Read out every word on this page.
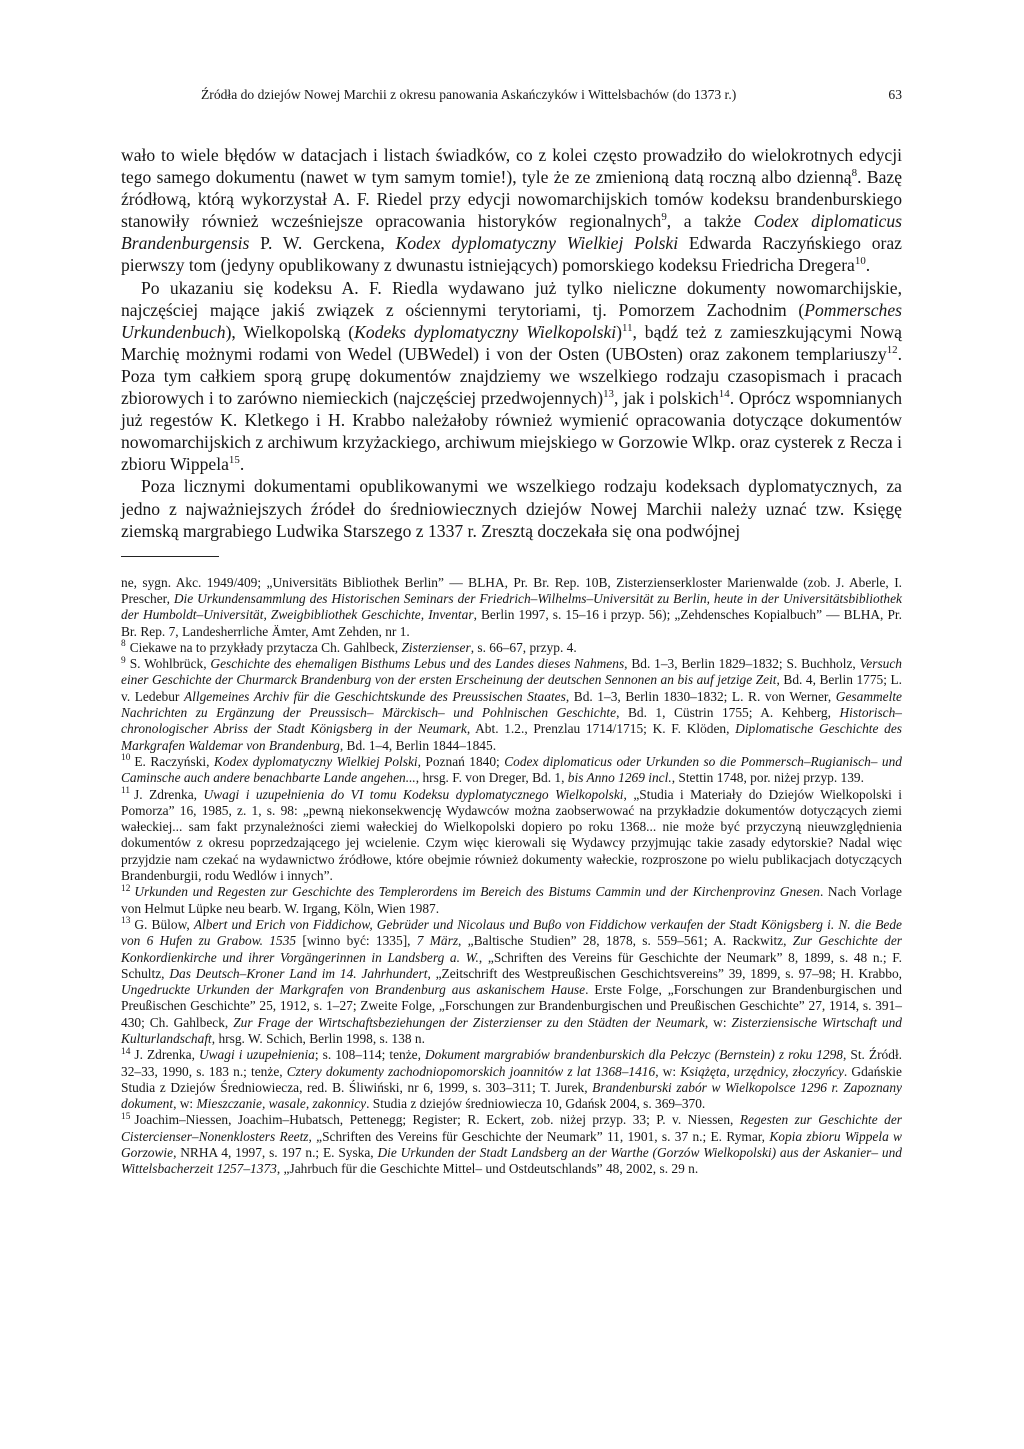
Źródła do dziejów Nowej Marchii z okresu panowania Askańczyków i Wittelsbachów (do 1373 r.)	63

wało to wiele błędów w datacjach i listach świadków, co z kolei często prowadziło do wielokrotnych edycji tego samego dokumentu (nawet w tym samym tomie!), tyle że ze zmienioną datą roczną albo dzienną$^8$. Bazę źródłową, którą wykorzystał A. F. Riedel przy edycji nowomarchijskich tomów kodeksu brandenburskiego stanowiły również wcześniejsze opracowania historyków regionalnych$^9$, a także Codex diplomaticus Brandenburgensis P. W. Gerckena, Kodex dyplomatyczny Wielkiej Polski Edwarda Raczyńskiego oraz pierwszy tom (jedyny opublikowany z dwunastu istniejących) pomorskiego kodeksu Friedricha Dregera$^{10}$.

Po ukazaniu się kodeksu A. F. Riedla wydawano już tylko nieliczne dokumenty nowomarchijskie, najczęściej mające jakiś związek z ościennymi terytoriami, tj. Pomorzem Zachodnim (Pommersches Urkundenbuch), Wielkopolską (Kodeks dyplomatyczny Wielkopolski)$^{11}$, bądź też z zamieszkującymi Nową Marchię możnymi rodami von Wedel (UBWedel) i von der Osten (UBOsten) oraz zakonem templariuszy$^{12}$. Poza tym całkiem sporą grupę dokumentów znajdziemy we wszelkiego rodzaju czasopismach i pracach zbiorowych i to zarówno niemieckich (najczęściej przedwojennych)$^{13}$, jak i polskich$^{14}$. Oprócz wspomnianych już regestów K. Kletkego i H. Krabbo należałoby również wymienić opracowania dotyczące dokumentów nowomarchijskich z archiwum krzyżackiego, archiwum miejskiego w Gorzowie Wlkp. oraz cysterek z Recza i zbioru Wippela$^{15}$.

Poza licznymi dokumentami opublikowanymi we wszelkiego rodzaju kodeksach dyplomatycznych, za jedno z najważniejszych źródeł do średniowiecznych dziejów Nowej Marchii należy uznać tzw. Księgę ziemską margrabiego Ludwika Starszego z 1337 r. Zresztą doczekała się ona podwójnej

ne, sygn. Akc. 1949/409; „Universitäts Bibliothek Berlin” — BLHA, Pr. Br. Rep. 10B, Zisterzienserkloster Marienwalde (zob. J. Aberle, I. Prescher, Die Urkundensammlung des Historischen Seminars der Friedrich–Wilhelms–Universität zu Berlin, heute in der Universitätsbibliothek der Humboldt–Universität, Zweigbibliothek Geschichte, Inventar, Berlin 1997, s. 15–16 i przyp. 56); „Zehdensches Kopialbuch” — BLHA, Pr. Br. Rep. 7, Landesherrliche Ämter, Amt Zehden, nr 1.

$^8$ Ciekawe na to przykłady przytacza Ch. Gahlbeck, Zisterzienser, s. 66–67, przyp. 4.

$^9$ S. Wohlbrück, Geschichte des ehemaligen Bisthums Lebus und des Landes dieses Nahmens, Bd. 1–3, Berlin 1829–1832; S. Buchholz, Versuch einer Geschichte der Churmarck Brandenburg von der ersten Erscheinung der deutschen Sennonen an bis auf jetzige Zeit, Bd. 4, Berlin 1775; L. v. Ledebur Allgemeines Archiv für die Geschichtskunde des Preussischen Staates, Bd. 1–3, Berlin 1830–1832; L. R. von Werner, Gesammelte Nachrichten zu Ergänzung der Preussisch– Märckisch– und Pohlnischen Geschichte, Bd. 1, Cüstrin 1755; A. Kehberg, Historisch–chronologischer Abriss der Stadt Königsberg in der Neumark, Abt. 1.2., Prenzlau 1714/1715; K. F. Klöden, Diplomatische Geschichte des Markgrafen Waldemar von Brandenburg, Bd. 1–4, Berlin 1844–1845.

$^{10}$ E. Raczyński, Kodex dyplomatyczny Wielkiej Polski, Poznań 1840; Codex diplomaticus oder Urkunden so die Pommersch–Rugianisch– und Caminsche auch andere benachbarte Lande angehen..., hrsg. F. von Dreger, Bd. 1, bis Anno 1269 incl., Stettin 1748, por. niżej przyp. 139.

$^{11}$ J. Zdrenka, Uwagi i uzupełnienia do VI tomu Kodeksu dyplomatycznego Wielkopolski, „Studia i Materiały do Dziejów Wielkopolski i Pomorza” 16, 1985, z. 1, s. 98: „pewną niekonsekwencję Wydawców można zaobserwować na przykładzie dokumentów dotyczących ziemi wałeckiej... sam fakt przynależności ziemi wałeckiej do Wielkopolski dopiero po roku 1368... nie może być przyczyną nieuwzględnienia dokumentów z okresu poprzedzającego jej wcielenie. Czym więc kierowali się Wydawcy przyjmując takie zasady edytorskie? Nadal więc przyjdzie nam czekać na wydawnictwo źródłowe, które obejmie również dokumenty wałeckie, rozproszone po wielu publikacjach dotyczących Brandenburgii, rodu Wedlów i innych”.

$^{12}$ Urkunden und Regesten zur Geschichte des Templerordens im Bereich des Bistums Cammin und der Kirchenprovinz Gnesen. Nach Vorlage von Helmut Lüpke neu bearb. W. Irgang, Köln, Wien 1987.

$^{13}$ G. Bülow, Albert und Erich von Fiddichow, Gebrüder und Nicolaus und Buβo von Fiddichow verkaufen der Stadt Königsberg i. N. die Bede von 6 Hufen zu Grabow. 1535 [winno być: 1335], 7 März, „Baltische Studien” 28, 1878, s. 559–561; A. Rackwitz, Zur Geschichte der Konkordienkirche und ihrer Vorgängerinnen in Landsberg a. W., „Schriften des Vereins für Geschichte der Neumark” 8, 1899, s. 48 n.; F. Schultz, Das Deutsch–Kroner Land im 14. Jahrhundert, „Zeitschrift des Westpreußischen Geschichtsvereins” 39, 1899, s. 97–98; H. Krabbo, Ungedruckte Urkunden der Markgrafen von Brandenburg aus askanischem Hause. Erste Folge, „Forschungen zur Brandenburgischen und Preußischen Geschichte” 25, 1912, s. 1–27; Zweite Folge, „Forschungen zur Brandenburgischen und Preußischen Geschichte” 27, 1914, s. 391–430; Ch. Gahlbeck, Zur Frage der Wirtschaftsbeziehungen der Zisterzienser zu den Städten der Neumark, w: Zisterziensische Wirtschaft und Kulturlandschaft, hrsg. W. Schich, Berlin 1998, s. 138 n.

$^{14}$ J. Zdrenka, Uwagi i uzupełnienia; s. 108–114; tenże, Dokument margrabiów brandenburskich dla Pełczyc (Bernstein) z roku 1298, St. Źródł. 32–33, 1990, s. 183 n.; tenże, Cztery dokumenty zachodniopomorskich joannitów z lat 1368–1416, w: Książęta, urzędnicy, złoczyńcy. Gdańskie Studia z Dziejów Średniowiecza, red. B. Śliwiński, nr 6, 1999, s. 303–311; T. Jurek, Brandenburski zabór w Wielkopolsce 1296 r. Zapoznany dokument, w: Mieszczanie, wasale, zakonnicy. Studia z dziejów średniowiecza 10, Gdańsk 2004, s. 369–370.

$^{15}$ Joachim–Niessen, Joachim–Hubatsch, Pettenegg; Register; R. Eckert, zob. niżej przyp. 33; P. v. Niessen, Regesten zur Geschichte der Cistercienser–Nonenklosters Reetz, „Schriften des Vereins für Geschichte der Neumark” 11, 1901, s. 37 n.; E. Rymar, Kopia zbioru Wippela w Gorzowie, NRHA 4, 1997, s. 197 n.; E. Syska, Die Urkunden der Stadt Landsberg an der Warthe (Gorzów Wielkopolski) aus der Askanier– und Wittelsbacherzeit 1257–1373, „Jahrbuch für die Geschichte Mittel– und Ostdeutschlands” 48, 2002, s. 29 n.
